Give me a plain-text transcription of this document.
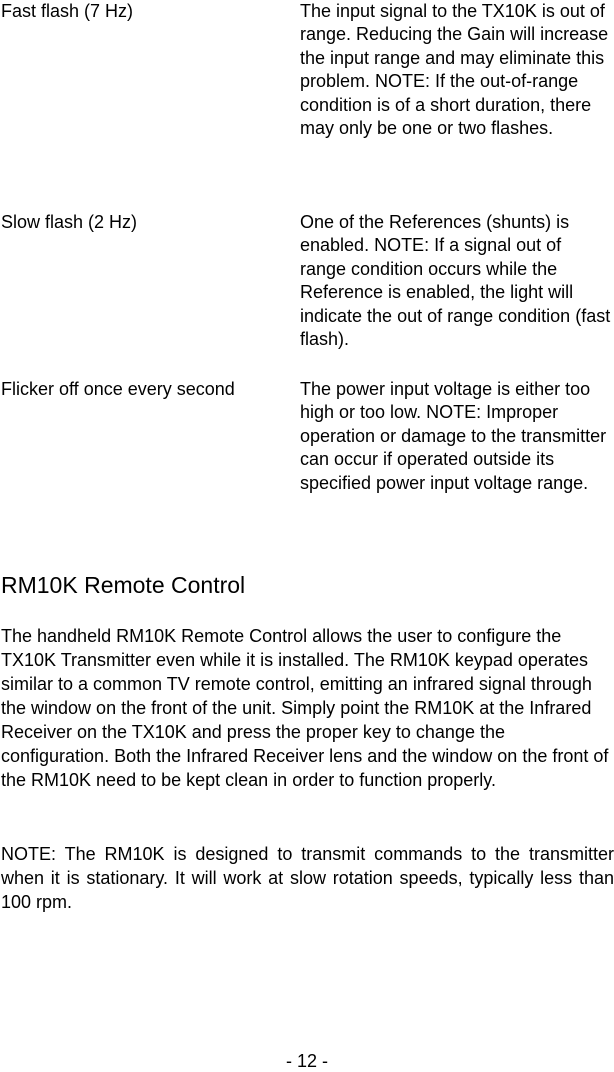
Fast flash (7 Hz)	The input signal to the TX10K is out of range. Reducing the Gain will increase the input range and may eliminate this problem. NOTE: If the out-of-range condition is of a short duration, there may only be one or two flashes.
Slow flash (2 Hz)	One of the References (shunts) is enabled. NOTE: If a signal out of range condition occurs while the Reference is enabled, the light will indicate the out of range condition (fast flash).
Flicker off once every second	The power input voltage is either too high or too low. NOTE: Improper operation or damage to the transmitter can occur if operated outside its specified power input voltage range.
RM10K Remote Control

The handheld RM10K Remote Control allows the user to configure the TX10K Transmitter even while it is installed. The RM10K keypad operates similar to a common TV remote control, emitting an infrared signal through the window on the front of the unit. Simply point the RM10K at the Infrared Receiver on the TX10K and press the proper key to change the configuration. Both the Infrared Receiver lens and the window on the front of the RM10K need to be kept clean in order to function properly.

NOTE: The RM10K is designed to transmit commands to the transmitter when it is stationary. It will work at slow rotation speeds, typically less than 100 rpm.

- 12 -
